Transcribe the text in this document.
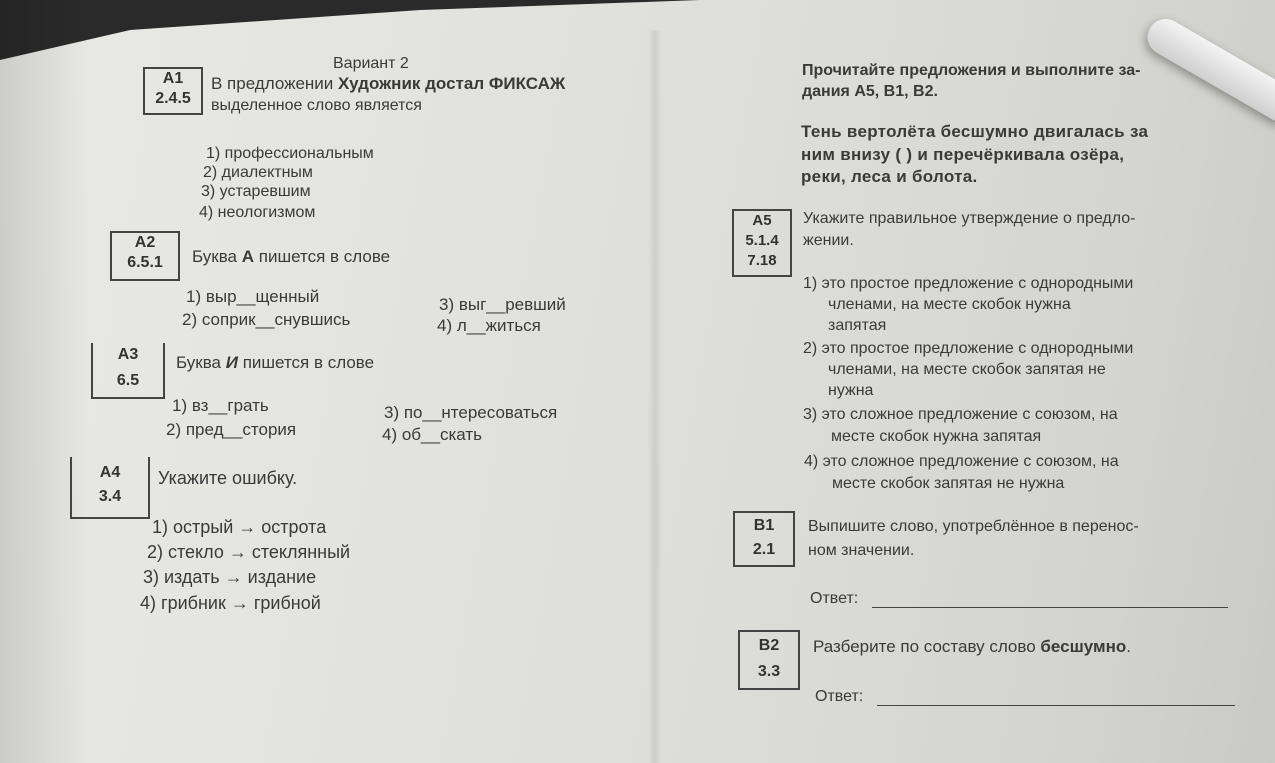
Вариант 2
А1
2.4.5
В предложении Художник достал ФИКСАЖ
выделенное слово является
1) профессиональным
2) диалектным
3) устаревшим
4) неологизмом
А2
6.5.1	Буква А пишется в слове
1) выр__щенный
2) соприк__снувшись
3) выг__ревший
4) л__житься
А3
6.5
Буква И пишется в слове
1) вз__грать
2) пред__стория
3) по__нтересоваться
4) об__скать
А4
3.4
Укажите ошибку.
1) острый → острота
2) стекло → стеклянный
3) издать → издание
4) грибник → грибной
Прочитайте предложения и выполните за-
дания А5, В1, В2.
Тень вертолёта бесшумно двигалась за
ним внизу ( ) и перечёркивала озёра,
реки, леса и болота.
А5
5.1.4
7.18
Укажите правильное утверждение о предло-
жении.
1) это простое предложение с однородными
членами, на месте скобок нужна
запятая
2) это простое предложение с однородными
членами, на месте скобок запятая не
нужна
3) это сложное предложение с союзом, на
месте скобок нужна запятая
4) это сложное предложение с союзом, на
месте скобок запятая не нужна
В1
2.1
Выпишите слово, употреблённое в перенос-
ном значении.
Ответ:
В2
3.3
Разберите по составу слово бесшумно.
Ответ:
